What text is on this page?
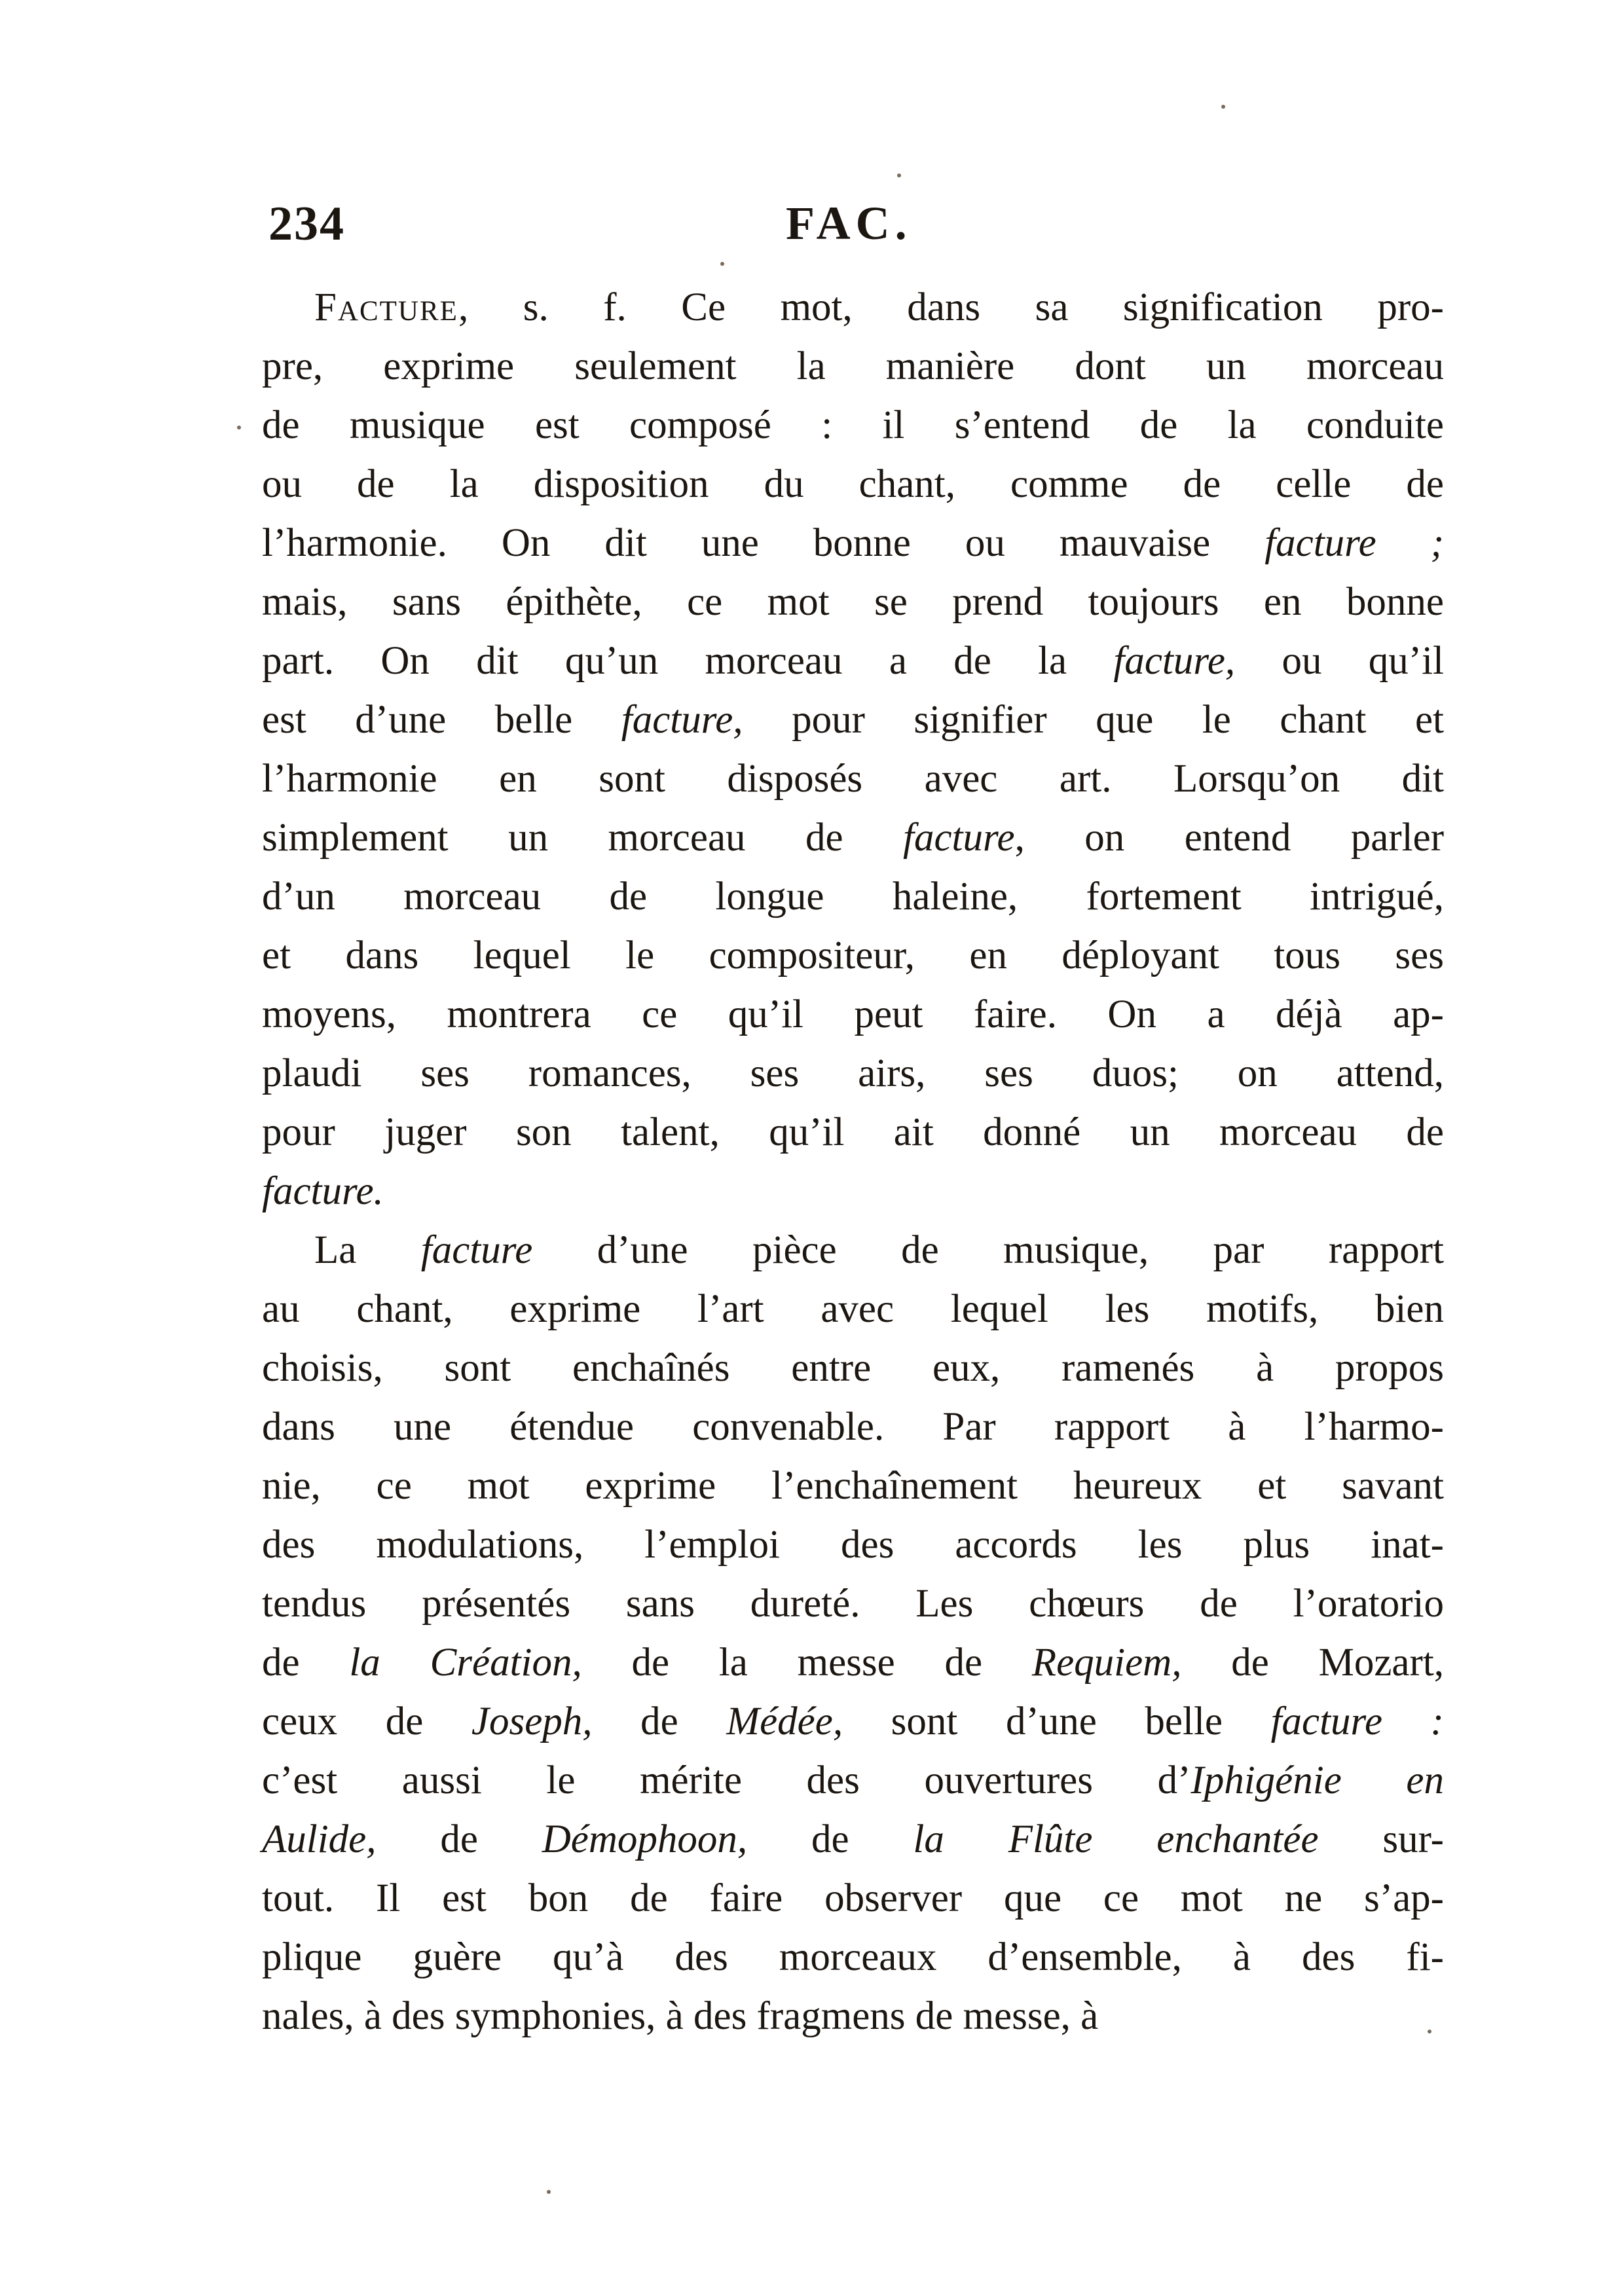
234	FAC.
Facture, s. f. Ce mot, dans sa signification pro-
pre, exprime seulement la manière dont un morceau
de musique est composé : il s’entend de la conduite
ou de la disposition du chant, comme de celle de
l’harmonie. On dit une bonne ou mauvaise facture ;
mais, sans épithète, ce mot se prend toujours en bonne
part. On dit qu’un morceau a de la facture, ou qu’il
est d’une belle facture, pour signifier que le chant et
l’harmonie en sont disposés avec art. Lorsqu’on dit
simplement un morceau de facture, on entend parler
d’un morceau de longue haleine, fortement intrigué,
et dans lequel le compositeur, en déployant tous ses
moyens, montrera ce qu’il peut faire. On a déjà ap-
plaudi ses romances, ses airs, ses duos; on attend,
pour juger son talent, qu’il ait donné un morceau de
facture.
La facture d’une pièce de musique, par rapport
au chant, exprime l’art avec lequel les motifs, bien
choisis, sont enchaînés entre eux, ramenés à propos
dans une étendue convenable. Par rapport à l’harmo-
nie, ce mot exprime l’enchaînement heureux et savant
des modulations, l’emploi des accords les plus inat-
tendus présentés sans dureté. Les chœurs de l’oratorio
de la Création, de la messe de Requiem, de Mozart,
ceux de Joseph, de Médée, sont d’une belle facture :
c’est aussi le mérite des ouvertures d’Iphigénie en
Aulide, de Démophoon, de la Flûte enchantée sur-
tout. Il est bon de faire observer que ce mot ne s’ap-
plique guère qu’à des morceaux d’ensemble, à des fi-
nales, à des symphonies, à des fragmens de messe, à
